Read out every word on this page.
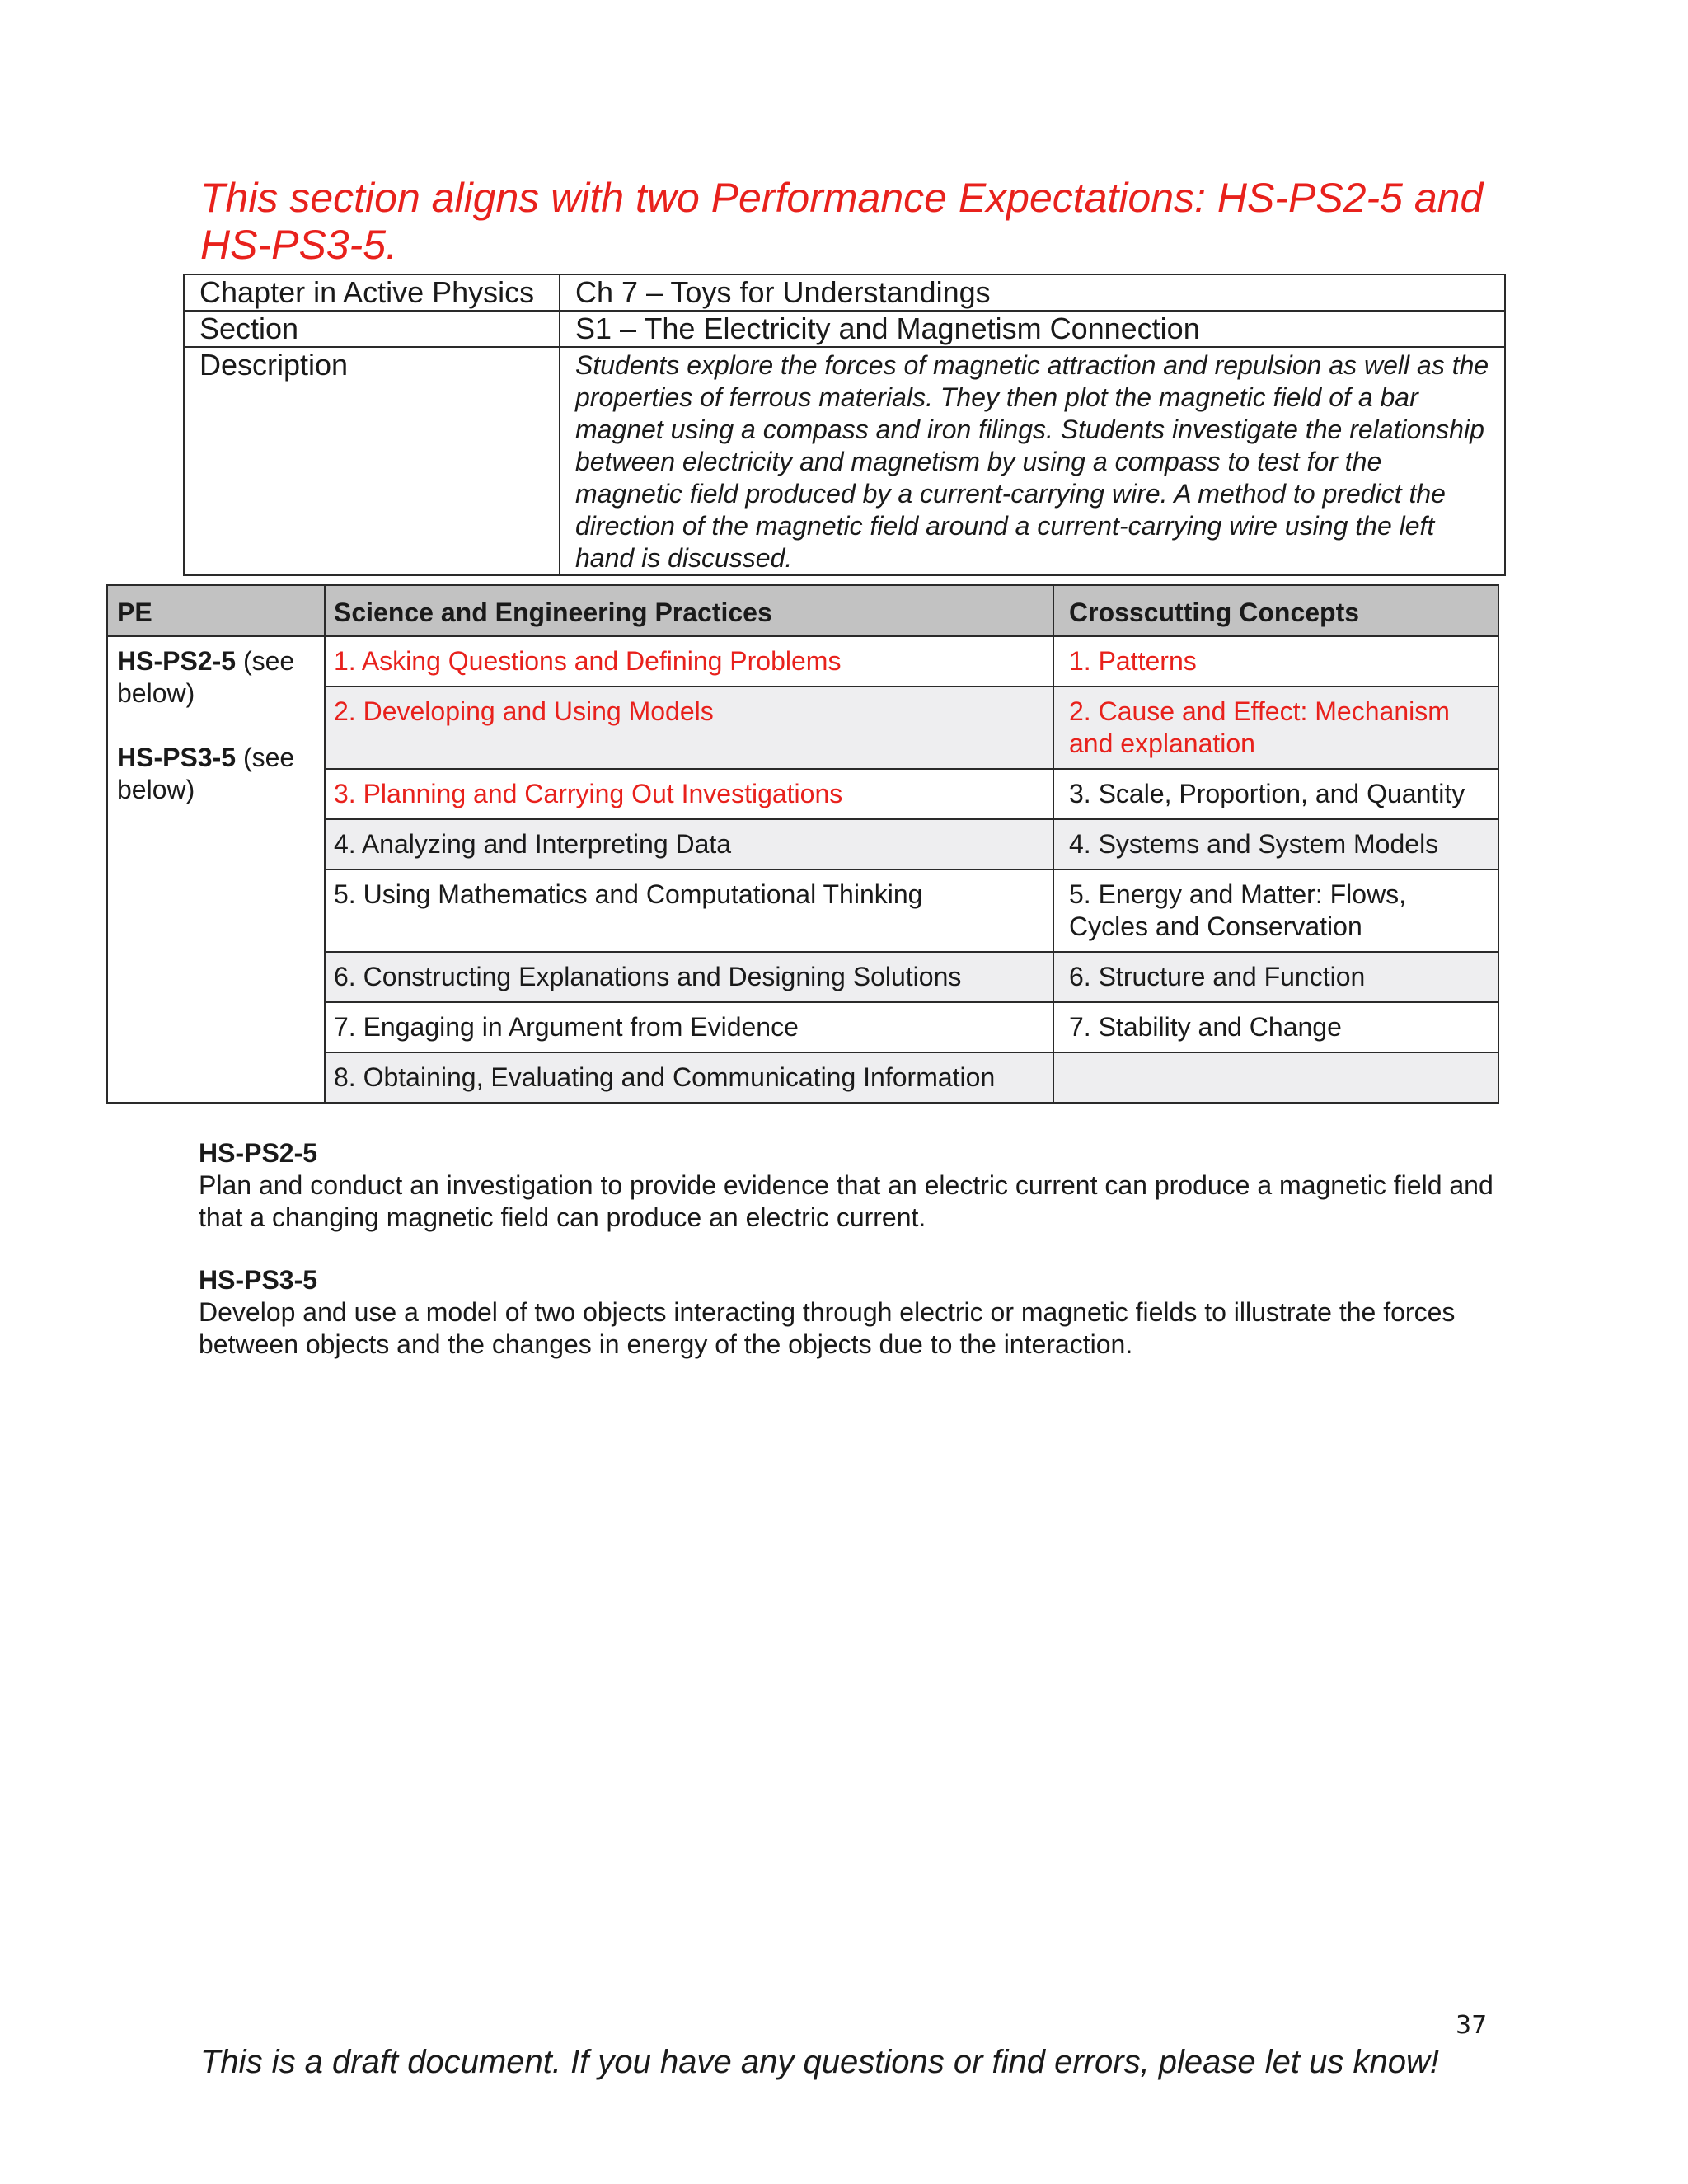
This section aligns with two Performance Expectations: HS-PS2-5 and HS-PS3-5.

Chapter in Active Physics	Ch 7 – Toys for Understandings
Section	S1 – The Electricity and Magnetism Connection
Description	Students explore the forces of magnetic attraction and repulsion as well as the properties of ferrous materials. They then plot the magnetic field of a bar magnet using a compass and iron filings. Students investigate the relationship between electricity and magnetism by using a compass to test for the magnetic field produced by a current-carrying wire. A method to predict the direction of the magnetic field around a current-carrying wire using the left hand is discussed.
PE	Science and Engineering Practices	Crosscutting Concepts

HS-PS2-5 (see below)
HS-PS3-5 (see below)	1. Asking Questions and Defining Problems	1. Patterns
	2. Developing and Using Models	2. Cause and Effect: Mechanism and explanation
	3. Planning and Carrying Out Investigations	3. Scale, Proportion, and Quantity
	4. Analyzing and Interpreting Data	4. Systems and System Models
	5. Using Mathematics and Computational Thinking	5. Energy and Matter: Flows, Cycles and Conservation
	6. Constructing Explanations and Designing Solutions	6. Structure and Function
	7. Engaging in Argument from Evidence	7. Stability and Change
	8. Obtaining, Evaluating and Communicating Information	
HS-PS2-5
Plan and conduct an investigation to provide evidence that an electric current can produce a magnetic field and that a changing magnetic field can produce an electric current.
HS-PS3-5
Develop and use a model of two objects interacting through electric or magnetic fields to illustrate the forces between objects and the changes in energy of the objects due to the interaction.
37
This is a draft document. If you have any questions or find errors, please let us know!
